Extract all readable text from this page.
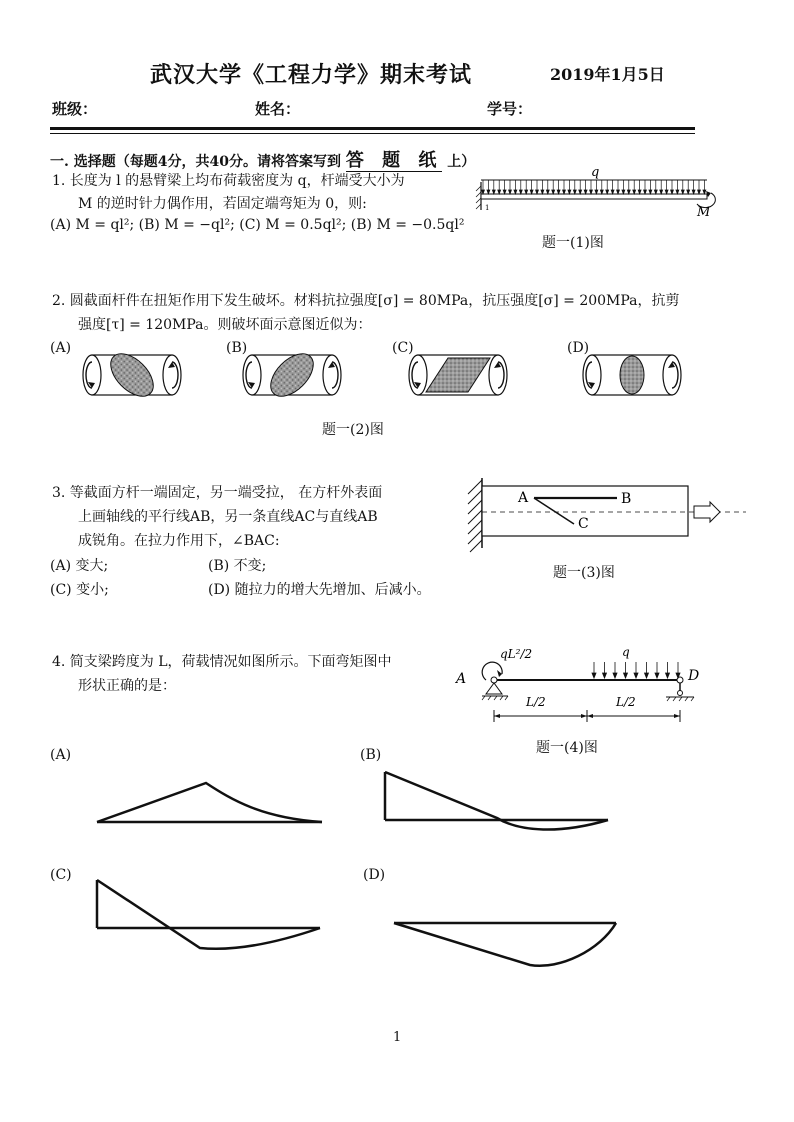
武汉大学《工程力学》期末考试	2019年1月5日
班级：	姓名：	学号：
一. 选择题（每题4分，共40分。请将答案写到 答 题 纸 上）
1. 长度为 l 的悬臂梁上均布荷载密度为 q，杆端受大小为
M 的逆时针力偶作用，若固定端弯矩为 0，则:
(A) M = ql²; (B) M = −ql²; (C) M = 0.5ql²; (B) M = −0.5ql²
q
M
1
题一(1)图
2. 圆截面杆件在扭矩作用下发生破坏。材料抗拉强度[σ] = 80MPa，抗压强度[σ] = 200MPa，抗剪
强度[τ] = 120MPa。则破坏面示意图近似为：
(A)	(B)	(C)	(D)
题一(2)图
3. 等截面方杆一端固定，另一端受拉， 在方杆外表面
上画轴线的平行线AB，另一条直线AC与直线AB
成锐角。在拉力作用下，∠BAC:
(A) 变大;	(B) 不变;
(C) 变小;	(D) 随拉力的增大先增加、后减小。
A	B
C
题一(3)图
4. 简支梁跨度为 L，荷载情况如图所示。下面弯矩图中
形状正确的是：
qL²/2	q
A	D
L/2	L/2
题一(4)图
(A)	(B)
(C)	(D)
1
